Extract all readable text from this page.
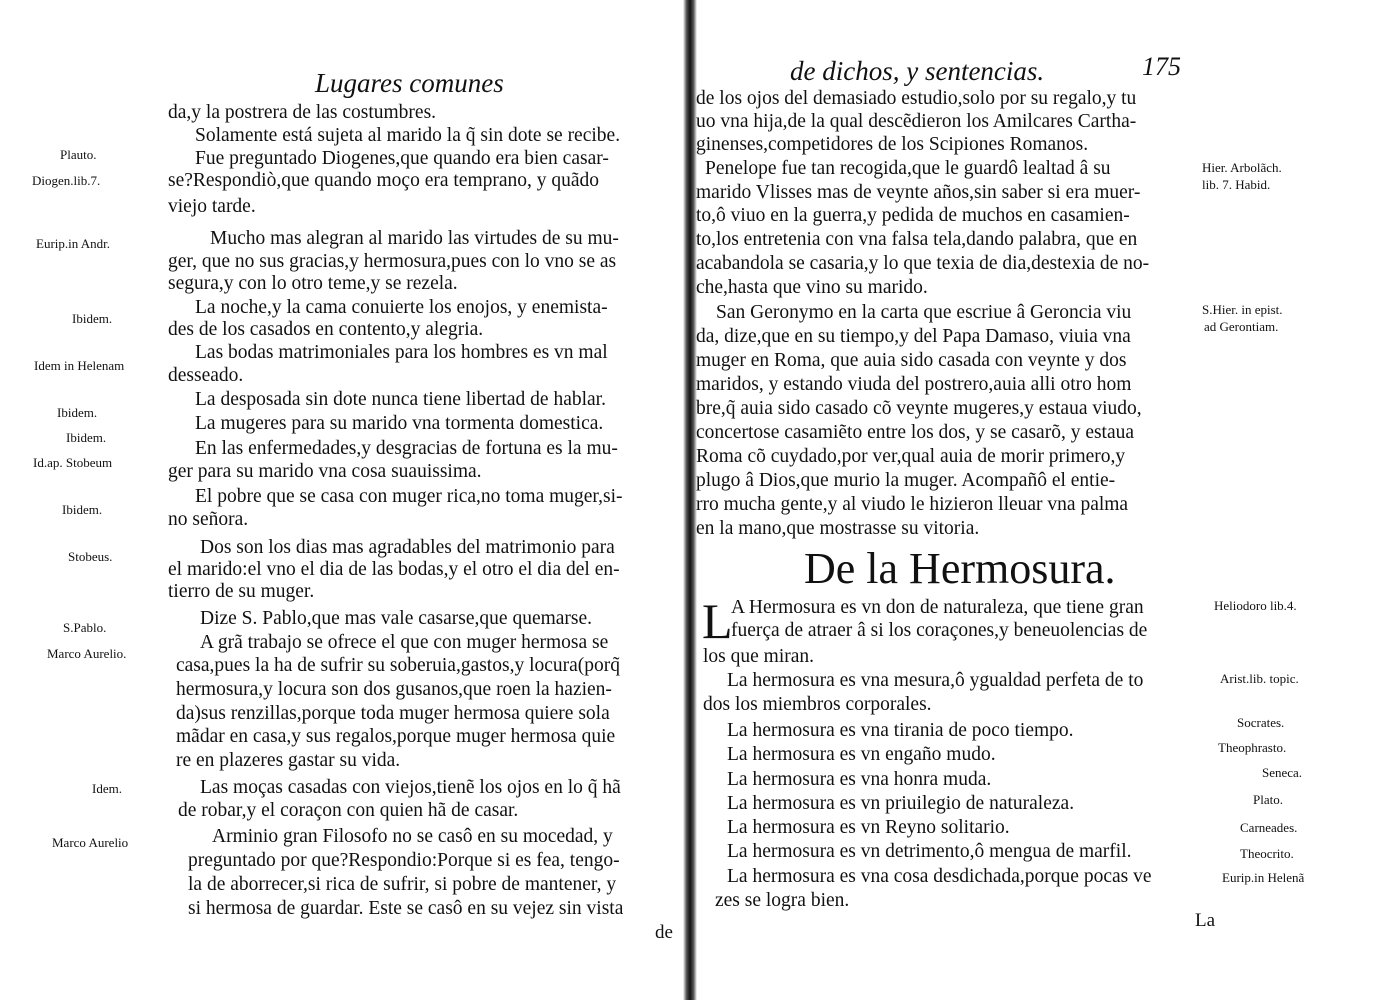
Lugares comunes
da,y la postrera de las costumbres.
Solamente está sujeta al marido la q̃ sin dote se recibe.
Fue preguntado Diogenes,que quando era bien casar-
se?Respondiò,que quando moço era temprano, y quãdo
viejo tarde.
Mucho mas alegran al marido las virtudes de su mu-
ger, que no sus gracias,y hermosura,pues con lo vno se as
segura,y con lo otro teme,y se rezela.
La noche,y la cama conuierte los enojos, y enemista-
des de los casados en contento,y alegria.
Las bodas matrimoniales para los hombres es vn mal
desseado.
La desposada sin dote nunca tiene libertad de hablar.
La mugeres para su marido vna tormenta domestica.
En las enfermedades,y desgracias de fortuna es la mu-
ger para su marido vna cosa suauissima.
El pobre que se casa con muger rica,no toma muger,si-
no señora.
Dos son los dias mas agradables del matrimonio para
el marido:el vno el dia de las bodas,y el otro el dia del en-
tierro de su muger.
Dize S. Pablo,que mas vale casarse,que quemarse.
A grã trabajo se ofrece el que con muger hermosa se
casa,pues la ha de sufrir su soberuia,gastos,y locura(porq̃
hermosura,y locura son dos gusanos,que roen la hazien-
da)sus renzillas,porque toda muger hermosa quiere sola
mãdar en casa,y sus regalos,porque muger hermosa quie
re en plazeres gastar su vida.
Las moças casadas con viejos,tienẽ los ojos en lo q̃ hã
de robar,y el coraçon con quien hã de casar.
Arminio gran Filosofo no se casô en su mocedad, y
preguntado por que?Respondio:Porque si es fea, tengo-
la de aborrecer,si rica de sufrir, si pobre de mantener, y
si hermosa de guardar. Este se casô en su vejez sin vista
de
Plauto.
Diogen.lib.7.
Eurip.in Andr.
Ibidem.
Idem in Helenam
Ibidem.
Ibidem.
Id.ap. Stobeum
Ibidem.
Stobeus.
S.Pablo.
Marco Aurelio.
Idem.
Marco Aurelio
de dichos, y sentencias.	175
de los ojos del demasiado estudio,solo por su regalo,y tu
uo vna hija,de la qual descẽdieron los Amilcares Cartha-
ginenses,competidores de los Scipiones Romanos.
Penelope fue tan recogida,que le guardô lealtad â su
marido Vlisses mas de veynte años,sin saber si era muer-
to,ô viuo en la guerra,y pedida de muchos en casamien-
to,los entretenia con vna falsa tela,dando palabra, que en
acabandola se casaria,y lo que texia de dia,destexia de no-
che,hasta que vino su marido.
San Geronymo en la carta que escriue â Geroncia viu
da, dize,que en su tiempo,y del Papa Damaso, viuia vna
muger en Roma, que auia sido casada con veynte y dos
maridos, y estando viuda del postrero,auia alli otro hom
bre,q̃ auia sido casado cõ veynte mugeres,y estaua viudo,
concertose casamiẽto entre los dos, y se casarõ, y estaua
Roma cõ cuydado,por ver,qual auia de morir primero,y
plugo â Dios,que murio la muger. Acompañô el entie-
rro mucha gente,y al viudo le hizieron lleuar vna palma
en la mano,que mostrasse su vitoria.
De la Hermosura.
L
A Hermosura es vn don de naturaleza, que tiene gran
fuerça de atraer â si los coraçones,y beneuolencias de
los que miran.
La hermosura es vna mesura,ô ygualdad perfeta de to
dos los miembros corporales.
La hermosura es vna tirania de poco tiempo.
La hermosura es vn engaño mudo.
La hermosura es vna honra muda.
La hermosura es vn priuilegio de naturaleza.
La hermosura es vn Reyno solitario.
La hermosura es vn detrimento,ô mengua de marfil.
La hermosura es vna cosa desdichada,porque pocas ve
zes se logra bien.
La
Hier. Arbolãch.
lib. 7. Habid.
S.Hier. in epist.
ad Gerontiam.
Heliodoro lib.4.
Arist.lib. topic.
Socrates.
Theophrasto.
Seneca.
Plato.
Carneades.
Theocrito.
Eurip.in Helenã
